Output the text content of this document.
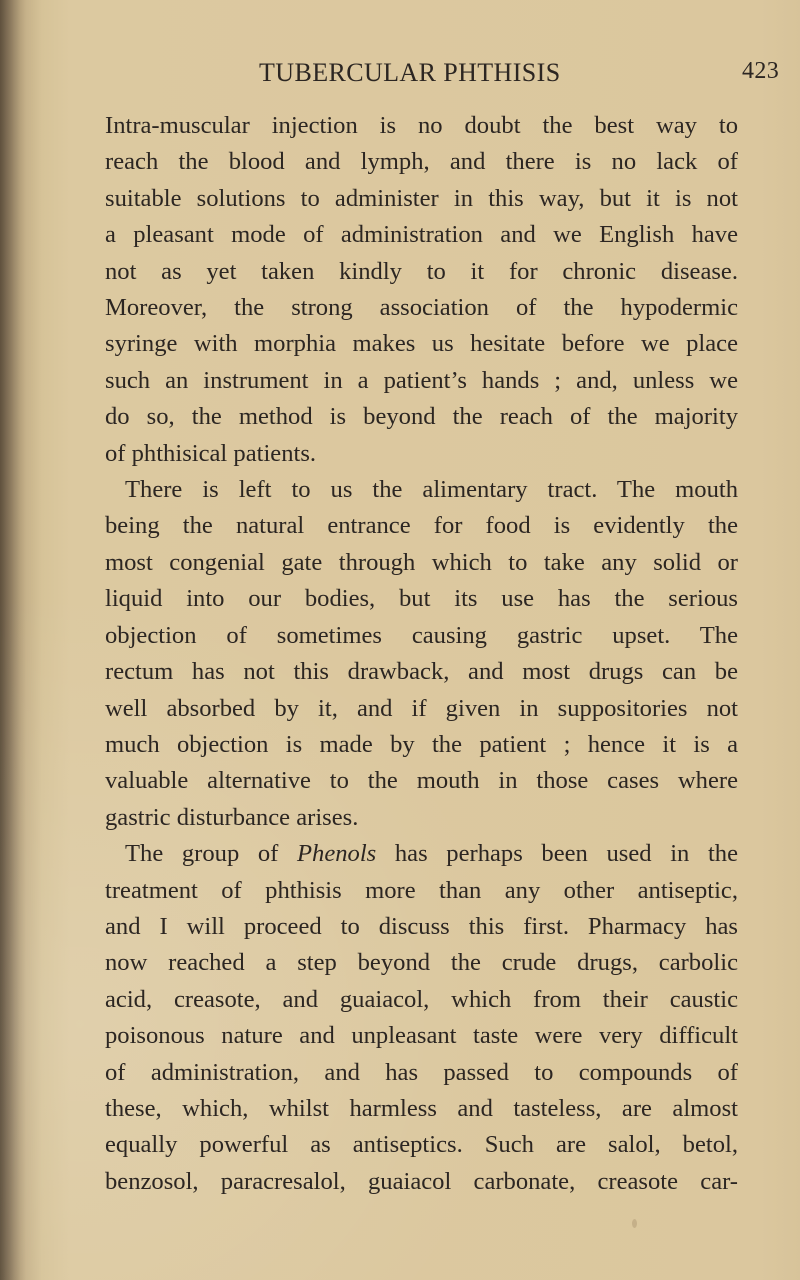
TUBERCULAR PHTHISIS	423

Intra-muscular injection is no doubt the best way to
reach the blood and lymph, and there is no lack of
suitable solutions to administer in this way, but it is not
a pleasant mode of administration and we English have
not as yet taken kindly to it for chronic disease.
Moreover, the strong association of the hypodermic
syringe with morphia makes us hesitate before we place
such an instrument in a patient’s hands ; and, unless we
do so, the method is beyond the reach of the majority
of phthisical patients.

There is left to us the alimentary tract. The mouth
being the natural entrance for food is evidently the
most congenial gate through which to take any solid or
liquid into our bodies, but its use has the serious
objection of sometimes causing gastric upset. The
rectum has not this drawback, and most drugs can be
well absorbed by it, and if given in suppositories not
much objection is made by the patient ; hence it is a
valuable alternative to the mouth in those cases where
gastric disturbance arises.

The group of Phenols has perhaps been used in the
treatment of phthisis more than any other antiseptic,
and I will proceed to discuss this first. Pharmacy has
now reached a step beyond the crude drugs, carbolic
acid, creasote, and guaiacol, which from their caustic
poisonous nature and unpleasant taste were very difficult
of administration, and has passed to compounds of
these, which, whilst harmless and tasteless, are almost
equally powerful as antiseptics. Such are salol, betol,
benzosol, paracresalol, guaiacol carbonate, creasote car-
